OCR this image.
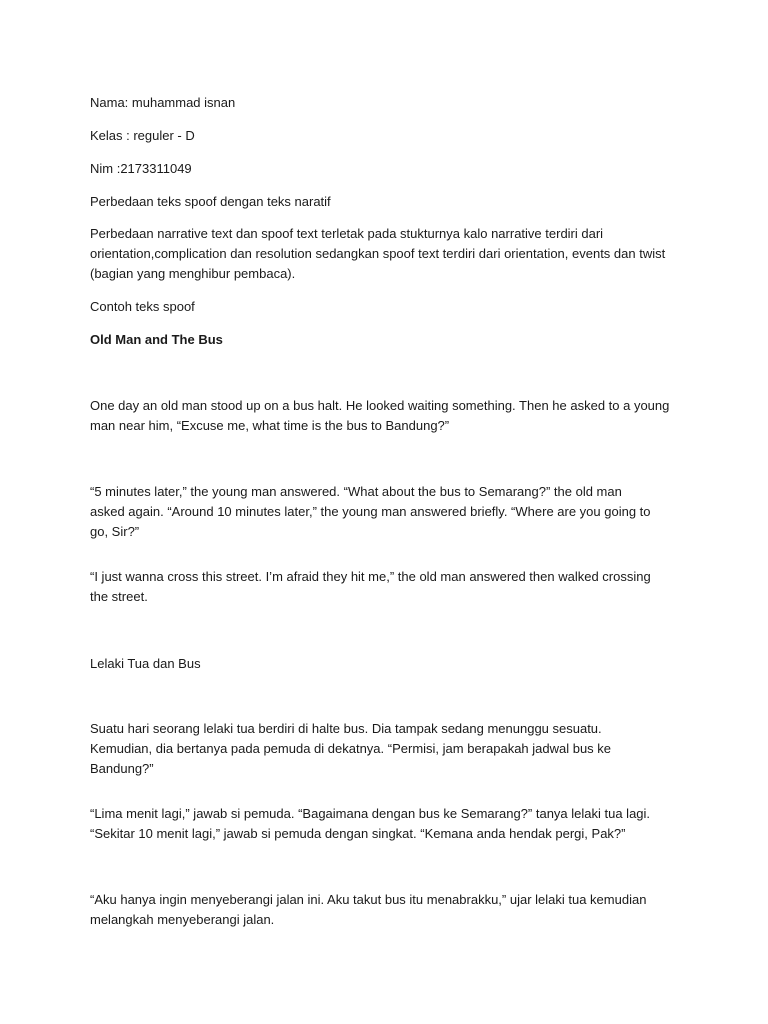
Nama: muhammad isnan
Kelas : reguler - D
Nim :2173311049
Perbedaan teks spoof dengan teks naratif
Perbedaan narrative text dan spoof text terletak pada stukturnya kalo narrative terdiri dari orientation,complication dan resolution sedangkan spoof text terdiri dari orientation, events dan twist (bagian yang menghibur pembaca).
Contoh teks spoof
Old Man and The Bus
One day an old man stood up on a bus halt. He looked waiting something. Then he asked to a young man near him, “Excuse me, what time is the bus to Bandung?”
“5 minutes later,” the young man answered. “What about the bus to Semarang?” the old man asked again. “Around 10 minutes later,” the young man answered briefly. “Where are you going to go, Sir?”
“I just wanna cross this street. I’m afraid they hit me,” the old man answered then walked crossing the street.
Lelaki Tua dan Bus
Suatu hari seorang lelaki tua berdiri di halte bus. Dia tampak sedang menunggu sesuatu. Kemudian, dia bertanya pada pemuda di dekatnya. “Permisi, jam berapakah jadwal bus ke Bandung?”
“Lima menit lagi,” jawab si pemuda. “Bagaimana dengan bus ke Semarang?” tanya lelaki tua lagi. “Sekitar 10 menit lagi,” jawab si pemuda dengan singkat. “Kemana anda hendak pergi, Pak?”
“Aku hanya ingin menyeberangi jalan ini. Aku takut bus itu menabrakku,” ujar lelaki tua kemudian melangkah menyeberangi jalan.
